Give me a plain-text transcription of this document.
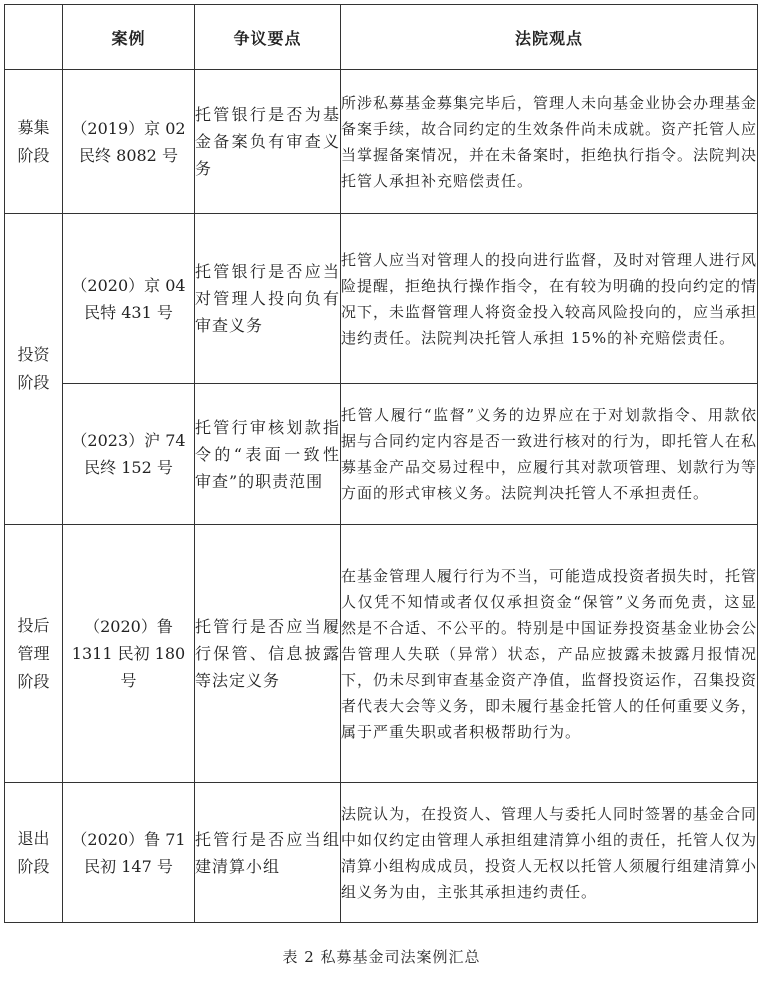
	案例	争议要点	法院观点

募集阶段	（2019）京 02 民终 8082 号	托管银行是否为基金备案负有审查义务	所涉私募基金募集完毕后，管理人未向基金业协会办理基金备案手续，故合同约定的生效条件尚未成就。资产托管人应当掌握备案情况，并在未备案时，拒绝执行指令。法院判决托管人承担补充赔偿责任。

投资阶段	（2020）京 04 民特 431 号	托管银行是否应当对管理人投向负有审查义务	托管人应当对管理人的投向进行监督，及时对管理人进行风险提醒，拒绝执行操作指令，在有较为明确的投向约定的情况下，未监督管理人将资金投入较高风险投向的，应当承担违约责任。法院判决托管人承担 15%的补充赔偿责任。
	（2023）沪 74 民终 152 号	托管行审核划款指令的“表面一致性审查”的职责范围	托管人履行“监督”义务的边界应在于对划款指令、用款依据与合同约定内容是否一致进行核对的行为，即托管人在私募基金产品交易过程中，应履行其对款项管理、划款行为等方面的形式审核义务。法院判决托管人不承担责任。

投后管理阶段	（2020）鲁 1311 民初 180 号	托管行是否应当履行保管、信息披露等法定义务	在基金管理人履行行为不当，可能造成投资者损失时，托管人仅凭不知情或者仅仅承担资金“保管”义务而免责，这显然是不合适、不公平的。特别是中国证券投资基金业协会公告管理人失联（异常）状态，产品应披露未披露月报情况下，仍未尽到审查基金资产净值，监督投资运作，召集投资者代表大会等义务，即未履行基金托管人的任何重要义务，属于严重失职或者积极帮助行为。

退出阶段	（2020）鲁 71 民初 147 号	托管行是否应当组建清算小组	法院认为，在投资人、管理人与委托人同时签署的基金合同中如仅约定由管理人承担组建清算小组的责任，托管人仅为清算小组构成成员，投资人无权以托管人须履行组建清算小组义务为由，主张其承担违约责任。
表 2 私募基金司法案例汇总
